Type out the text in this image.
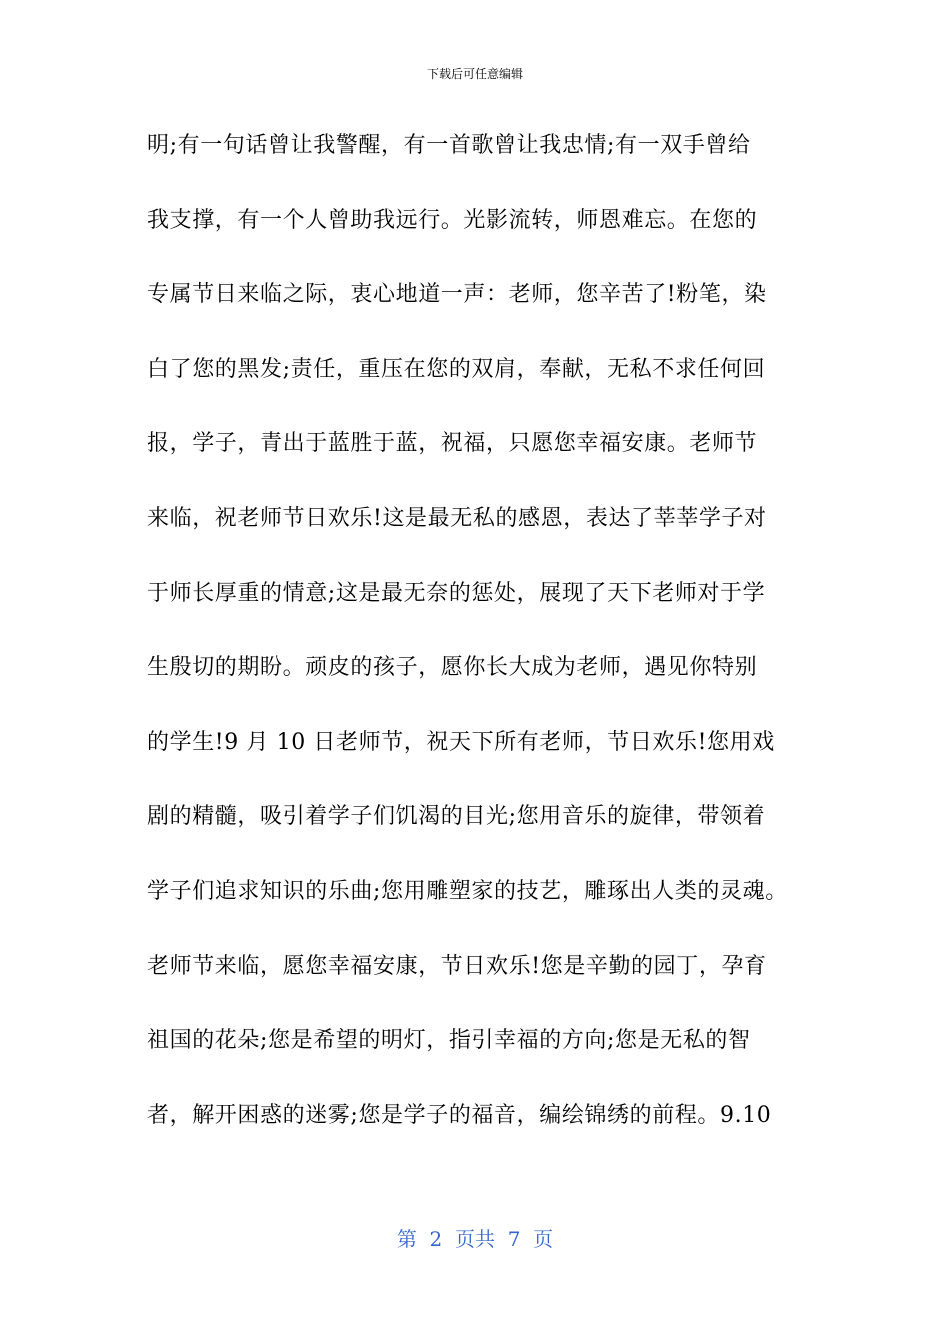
下载后可任意编辑
明;有一句话曾让我警醒，有一首歌曾让我忠情;有一双手曾给
我支撑，有一个人曾助我远行。光影流转，师恩难忘。在您的
专属节日来临之际，衷心地道一声：老师，您辛苦了!粉笔，染
白了您的黑发;责任，重压在您的双肩，奉献，无私不求任何回
报，学子，青出于蓝胜于蓝，祝福，只愿您幸福安康。老师节
来临，祝老师节日欢乐!这是最无私的感恩，表达了莘莘学子对
于师长厚重的情意;这是最无奈的惩处，展现了天下老师对于学
生殷切的期盼。顽皮的孩子，愿你长大成为老师，遇见你特别
的学生!9 月 10 日老师节，祝天下所有老师，节日欢乐!您用戏
剧的精髓，吸引着学子们饥渴的目光;您用音乐的旋律，带领着
学子们追求知识的乐曲;您用雕塑家的技艺，雕琢出人类的灵魂。
老师节来临，愿您幸福安康，节日欢乐!您是辛勤的园丁，孕育
祖国的花朵;您是希望的明灯，指引幸福的方向;您是无私的智
者，解开困惑的迷雾;您是学子的福音，编绘锦绣的前程。9.10
第  2  页共  7  页
